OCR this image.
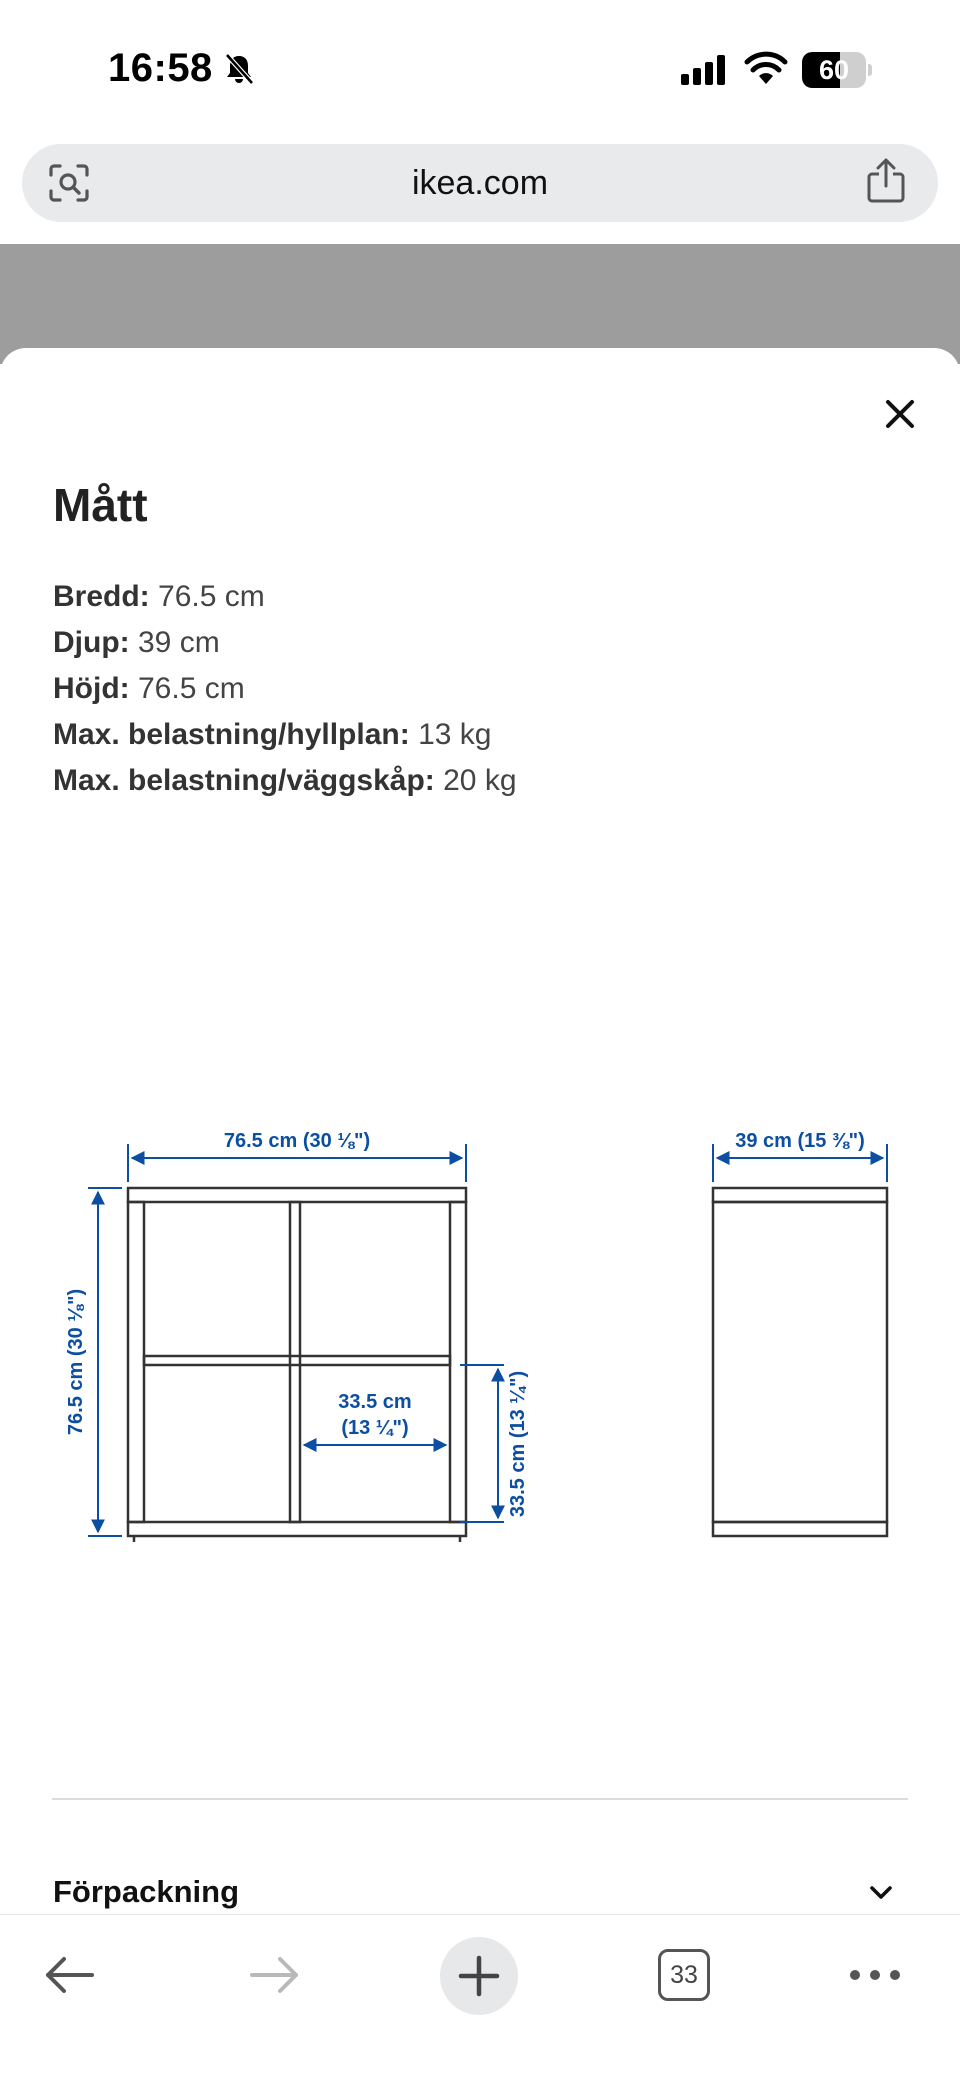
16:58	60
ikea.com
Mått
Bredd: 76.5 cm
Djup: 39 cm
Höjd: 76.5 cm
Max. belastning/hyllplan: 13 kg
Max. belastning/väggskåp: 20 kg
76.5 cm (30 ⅛")
76.5 cm (30 ⅛")	33.5 cm
(13 ¼")	33.5 cm (13 ¼")
39 cm (15 ⅜")
Förpackning
33
